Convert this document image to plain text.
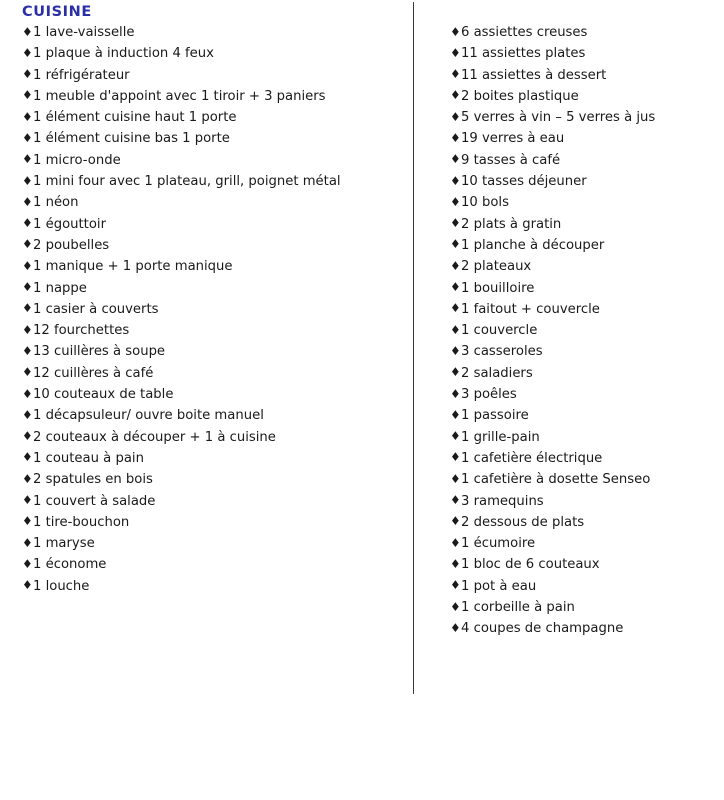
CUISINE
♦ 1 lave-vaisselle
♦ 1 plaque à induction 4 feux
♦ 1 réfrigérateur
♦ 1 meuble d'appoint avec 1 tiroir + 3 paniers
♦ 1 élément cuisine haut 1 porte
♦ 1 élément cuisine bas 1 porte
♦ 1 micro-onde
♦ 1 mini four avec 1 plateau, grill, poignet métal
♦ 1 néon
♦ 1 égouttoir
♦ 2 poubelles
♦ 1 manique + 1 porte manique
♦ 1 nappe
♦ 1 casier à couverts
♦ 12 fourchettes
♦ 13 cuillères à soupe
♦ 12 cuillères à café
♦ 10 couteaux de table
♦ 1 décapsuleur/ ouvre boite manuel
♦ 2 couteaux à découper + 1 à cuisine
♦ 1 couteau à pain
♦ 2 spatules en bois
♦ 1 couvert à salade
♦ 1 tire-bouchon
♦ 1 maryse
♦ 1 économe
♦ 1 louche
♦ 6 assiettes creuses
♦ 11 assiettes plates
♦ 11 assiettes à dessert
♦ 2 boites plastique
♦ 5 verres à vin – 5 verres à jus
♦ 19 verres à eau
♦ 9 tasses à café
♦ 10 tasses déjeuner
♦ 10 bols
♦ 2 plats à gratin
♦ 1 planche à découper
♦ 2 plateaux
♦ 1 bouilloire
♦ 1 faitout + couvercle
♦ 1 couvercle
♦ 3 casseroles
♦ 2 saladiers
♦ 3 poêles
♦ 1 passoire
♦ 1 grille-pain
♦ 1 cafetière électrique
♦ 1 cafetière à dosette Senseo
♦ 3 ramequins
♦ 2 dessous de plats
♦ 1 écumoire
♦ 1 bloc de 6 couteaux
♦ 1 pot à eau
♦ 1 corbeille à pain
♦ 4 coupes de champagne
